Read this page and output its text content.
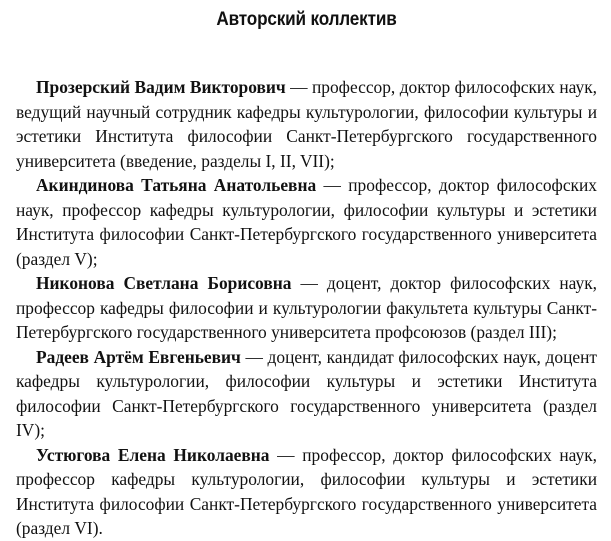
Авторский коллектив

Прозерский Вадим Викторович — профессор, доктор философских наук, ведущий научный сотрудник кафедры культурологии, философии культуры и эстетики Института философии Санкт-Петербургского государственного университета (введение, разделы I, II, VII);

Акиндинова Татьяна Анатольевна — профессор, доктор философских наук, профессор кафедры культурологии, философии культуры и эстетики Института философии Санкт-Петербургского государственного университета (раздел V);

Никонова Светлана Борисовна — доцент, доктор философских наук, профессор кафедры философии и культурологии факультета культуры Санкт-Петербургского государственного университета профсоюзов (раздел III);

Радеев Артём Евгеньевич — доцент, кандидат философских наук, доцент кафедры культурологии, философии культуры и эстетики Института философии Санкт-Петербургского государственного университета (раздел IV);

Устюгова Елена Николаевна — профессор, доктор философских наук, профессор кафедры культурологии, философии культуры и эстетики Института философии Санкт-Петербургского государственного университета (раздел VI).
